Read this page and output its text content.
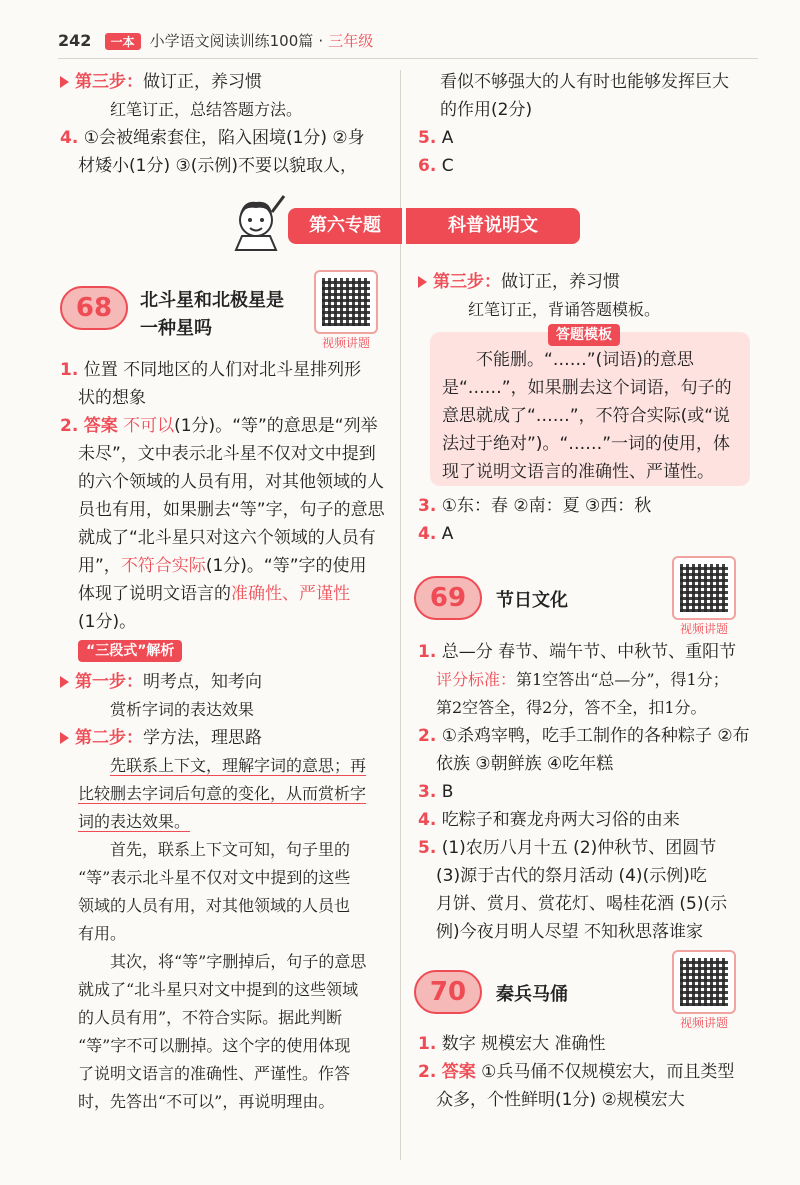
242 一本 小学语文阅读训练100篇 · 三年级
第三步：做订正，养习惯
红笔订正，总结答题方法。
4. ①会被绳索套住，陷入困境(1分) ②身
材矮小(1分) ③(示例)不要以貌取人，
看似不够强大的人有时也能够发挥巨大
的作用(2分)
5. A
6. C
第六专题	科普说明文
68	北斗星和北极星是
一种星吗
视频讲题
1. 位置 不同地区的人们对北斗星排列形
状的想象
2. 答案 不可以(1分)。“等”的意思是“列举
未尽”，文中表示北斗星不仅对文中提到
的六个领域的人员有用，对其他领域的人
员也有用，如果删去“等”字，句子的意思
就成了“北斗星只对这六个领域的人员有
用”，不符合实际(1分)。“等”字的使用
体现了说明文语言的准确性、严谨性
(1分)。
“三段式”解析
第一步：明考点，知考向
赏析字词的表达效果
第二步：学方法，理思路
先联系上下文，理解字词的意思；再
比较删去字词后句意的变化，从而赏析字
词的表达效果。
首先，联系上下文可知，句子里的
“等”表示北斗星不仅对文中提到的这些
领域的人员有用，对其他领域的人员也
有用。
其次，将“等”字删掉后，句子的意思
就成了“北斗星只对文中提到的这些领域
的人员有用”，不符合实际。据此判断
“等”字不可以删掉。这个字的使用体现
了说明文语言的准确性、严谨性。作答
时，先答出“不可以”，再说明理由。
第三步：做订正，养习惯
红笔订正，背诵答题模板。
答题模板
不能删。“……”(词语)的意思
是“……”，如果删去这个词语，句子的
意思就成了“……”，不符合实际(或“说
法过于绝对”)。“……”一词的使用，体
现了说明文语言的准确性、严谨性。
3. ①东：春 ②南：夏 ③西：秋
4. A
69	节日文化
视频讲题
1. 总—分 春节、端午节、中秋节、重阳节
评分标准：第1空答出“总—分”，得1分；
第2空答全，得2分，答不全，扣1分。
2. ①杀鸡宰鸭，吃手工制作的各种粽子 ②布
依族 ③朝鲜族 ④吃年糕
3. B
4. 吃粽子和赛龙舟两大习俗的由来
5. (1)农历八月十五 (2)仲秋节、团圆节
(3)源于古代的祭月活动 (4)(示例)吃
月饼、赏月、赏花灯、喝桂花酒 (5)(示
例)今夜月明人尽望 不知秋思落谁家
70	秦兵马俑
视频讲题
1. 数字 规模宏大 准确性
2. 答案 ①兵马俑不仅规模宏大，而且类型
众多，个性鲜明(1分) ②规模宏大
